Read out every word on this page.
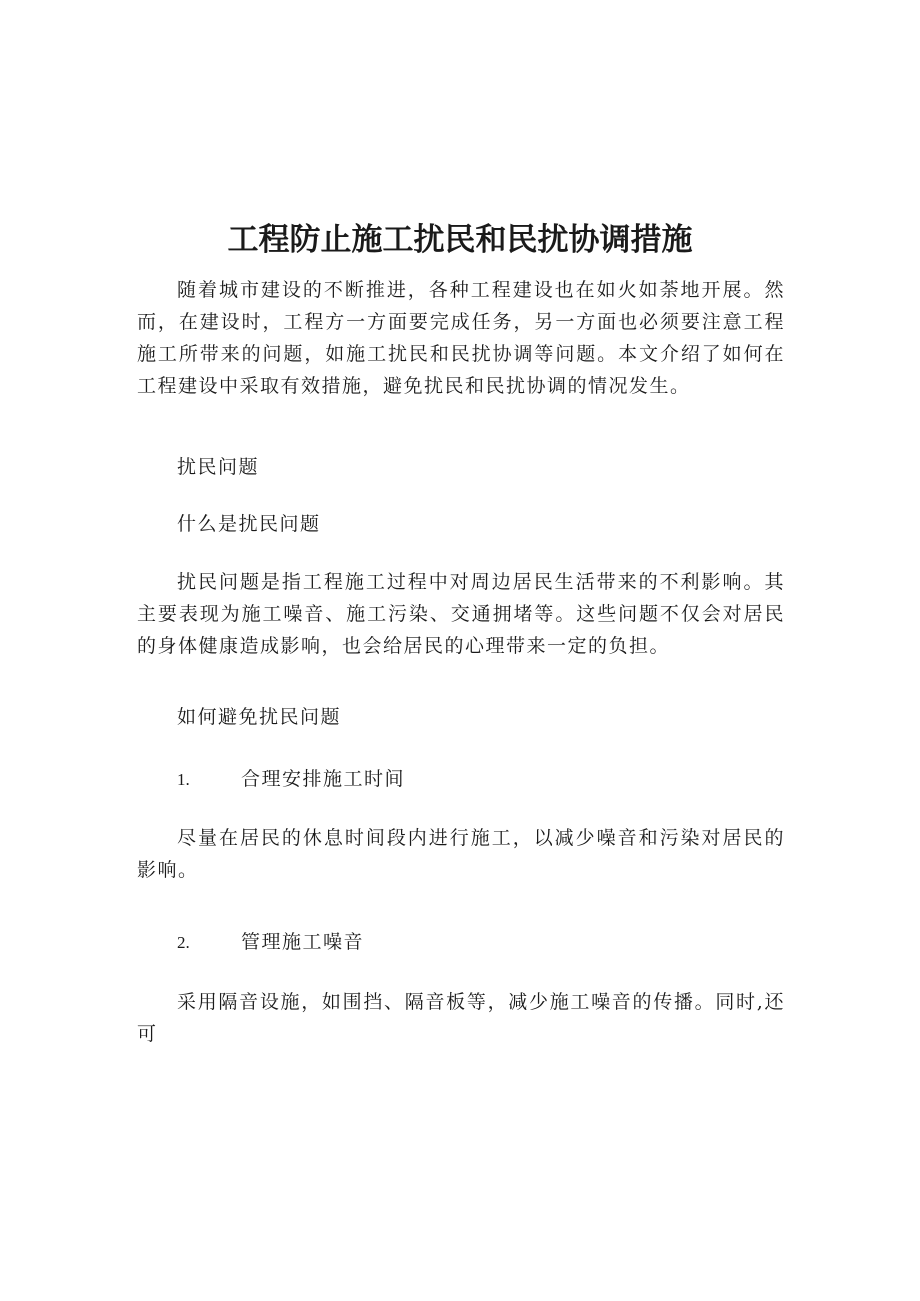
工程防止施工扰民和民扰协调措施

随着城市建设的不断推进，各种工程建设也在如火如荼地开展。然而，在建设时，工程方一方面要完成任务，另一方面也必须要注意工程施工所带来的问题，如施工扰民和民扰协调等问题。本文介绍了如何在工程建设中采取有效措施，避免扰民和民扰协调的情况发生。

扰民问题

什么是扰民问题

扰民问题是指工程施工过程中对周边居民生活带来的不利影响。其主要表现为施工噪音、施工污染、交通拥堵等。这些问题不仅会对居民的身体健康造成影响，也会给居民的心理带来一定的负担。

如何避免扰民问题

1.	合理安排施工时间

尽量在居民的休息时间段内进行施工，以减少噪音和污染对居民的影响。

2.	管理施工噪音

采用隔音设施，如围挡、隔音板等，减少施工噪音的传播。同时,还可
